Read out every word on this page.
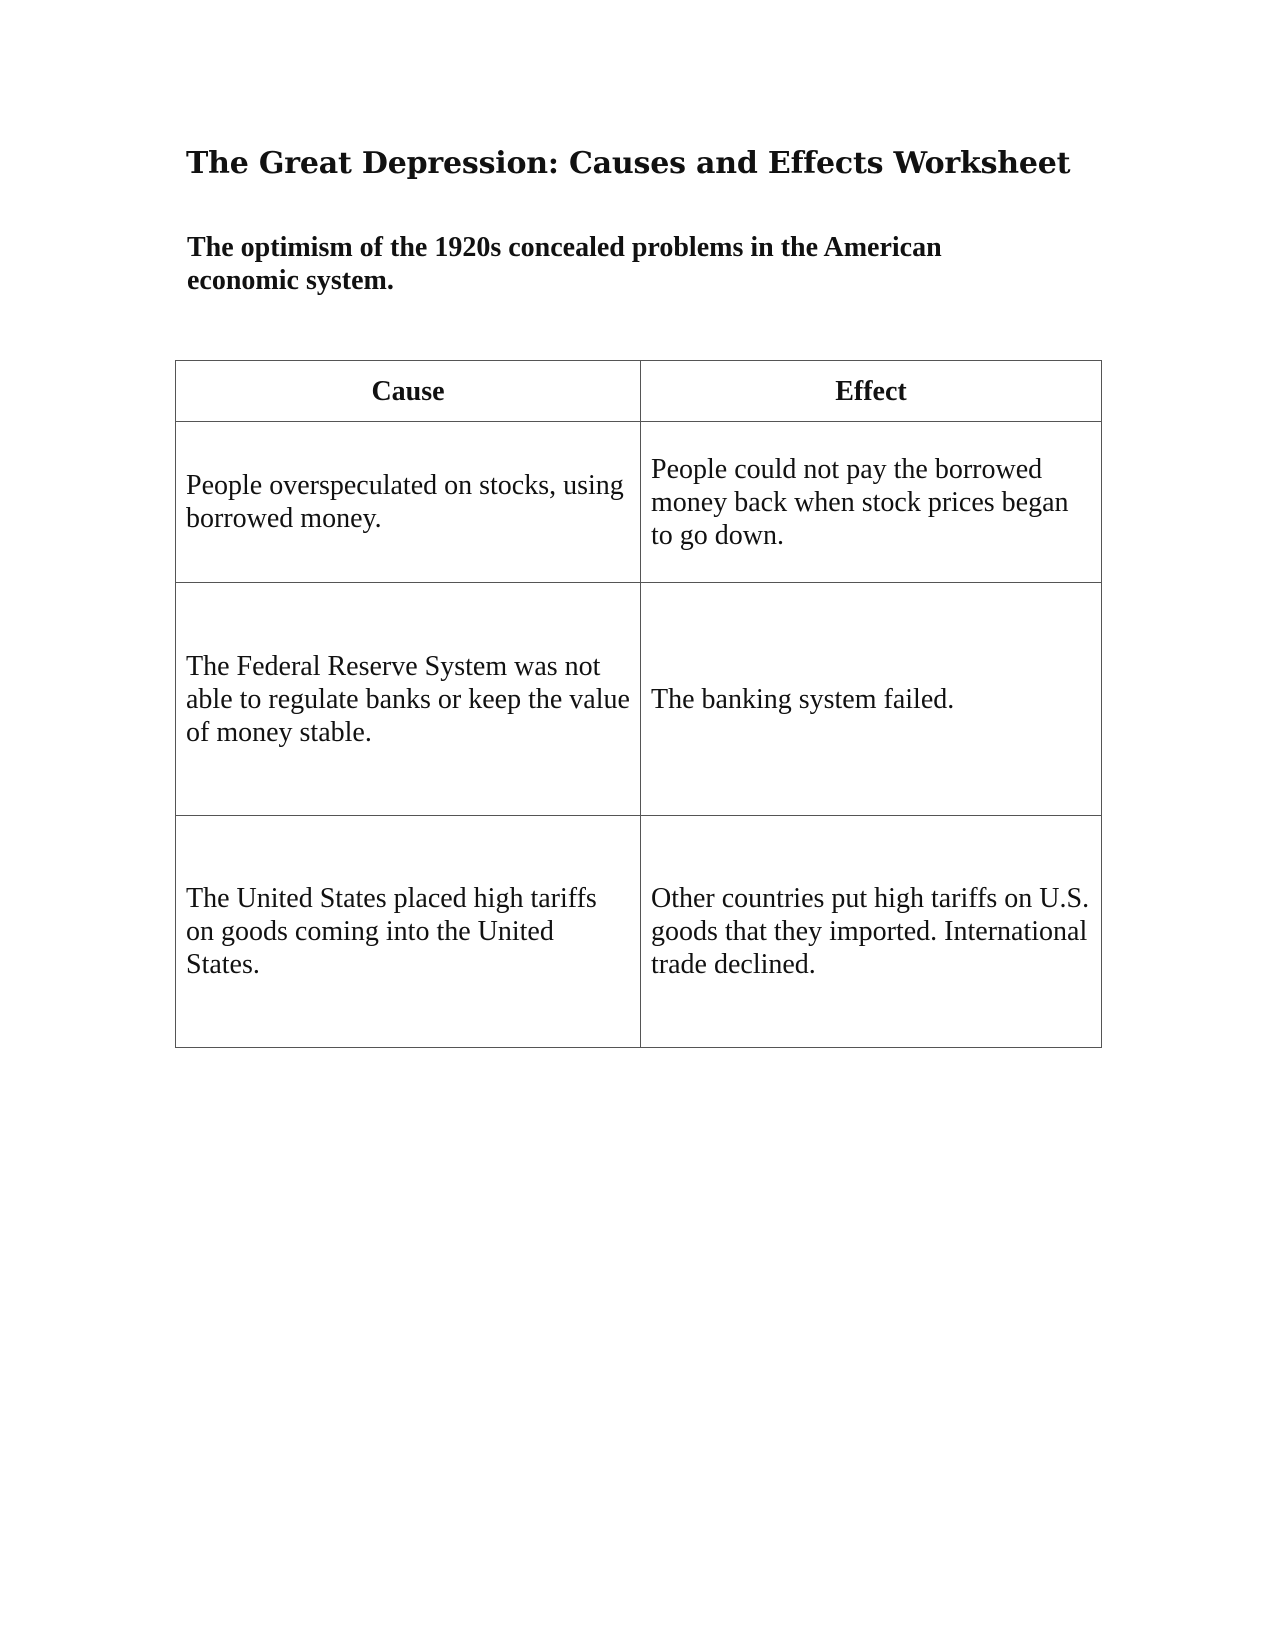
The Great Depression: Causes and Effects Worksheet

The optimism of the 1920s concealed problems in the American economic system.

Cause	Effect
People overspeculated on stocks, using borrowed money.	People could not pay the borrowed money back when stock prices began to go down.
The Federal Reserve System was not able to regulate banks or keep the value of money stable.	The banking system failed.
The United States placed high tariffs on goods coming into the United States.	Other countries put high tariffs on U.S. goods that they imported. International trade declined.
